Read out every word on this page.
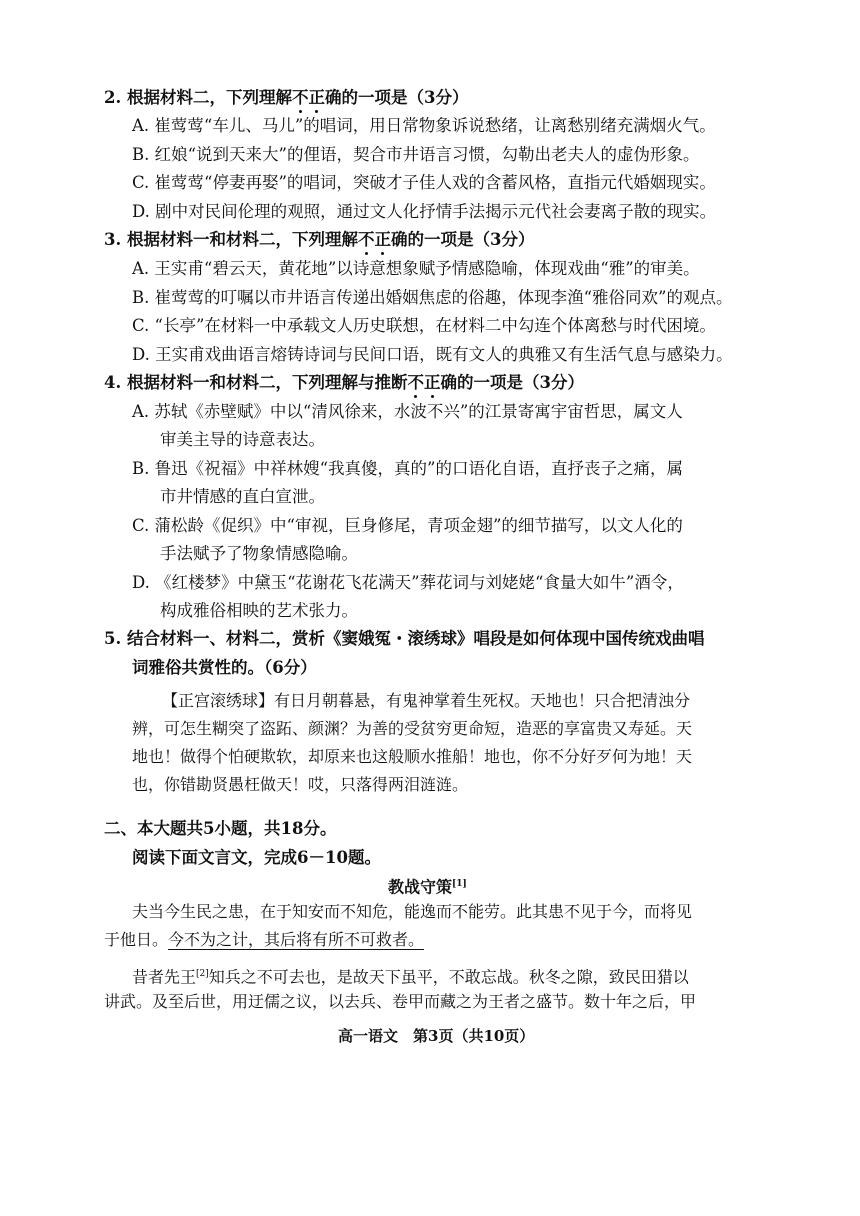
2. 根据材料二，下列理解不正确的一项是（3分）
A. 崔莺莺“车儿、马儿”的唱词，用日常物象诉说愁绪，让离愁别绪充满烟火气。
B. 红娘“说到天来大”的俚语，契合市井语言习惯，勾勒出老夫人的虚伪形象。
C. 崔莺莺“停妻再娶”的唱词，突破才子佳人戏的含蓄风格，直指元代婚姻现实。
D. 剧中对民间伦理的观照，通过文人化抒情手法揭示元代社会妻离子散的现实。
3. 根据材料一和材料二，下列理解不正确的一项是（3分）
A. 王实甫“碧云天，黄花地”以诗意想象赋予情感隐喻，体现戏曲“雅”的审美。
B. 崔莺莺的叮嘱以市井语言传递出婚姻焦虑的俗趣，体现李渔“雅俗同欢”的观点。
C. “长亭”在材料一中承载文人历史联想，在材料二中勾连个体离愁与时代困境。
D. 王实甫戏曲语言熔铸诗词与民间口语，既有文人的典雅又有生活气息与感染力。
4. 根据材料一和材料二，下列理解与推断不正确的一项是（3分）
A. 苏轼《赤壁赋》中以“清风徐来，水波不兴”的江景寄寓宇宙哲思，属文人
审美主导的诗意表达。
B. 鲁迅《祝福》中祥林嫂“我真傻，真的”的口语化自语，直抒丧子之痛，属
市井情感的直白宣泄。
C. 蒲松龄《促织》中“审视，巨身修尾，青项金翅”的细节描写，以文人化的
手法赋予了物象情感隐喻。
D. 《红楼梦》中黛玉“花谢花飞花满天”葬花词与刘姥姥“食量大如牛”酒令，
构成雅俗相映的艺术张力。
5. 结合材料一、材料二，赏析《窦娥冤・滚绣球》唱段是如何体现中国传统戏曲唱
词雅俗共赏性的。（6分）
【正宫滚绣球】有日月朝暮悬，有鬼神掌着生死权。天地也！只合把清浊分
辨，可怎生糊突了盗跖、颜渊？为善的受贫穷更命短，造恶的享富贵又寿延。天
地也！做得个怕硬欺软，却原来也这般顺水推船！地也，你不分好歹何为地！天
也，你错勘贤愚枉做天！哎，只落得两泪涟涟。
二、本大题共5小题，共18分。
阅读下面文言文，完成6－10题。
教战守策[1]
夫当今生民之患，在于知安而不知危，能逸而不能劳。此其患不见于今，而将见
于他日。今不为之计，其后将有所不可救者。
昔者先王[2]知兵之不可去也，是故天下虽平，不敢忘战。秋冬之隙，致民田猎以
讲武。及至后世，用迂儒之议，以去兵、卷甲而藏之为王者之盛节。数十年之后，甲
高一语文　第3页（共10页）
